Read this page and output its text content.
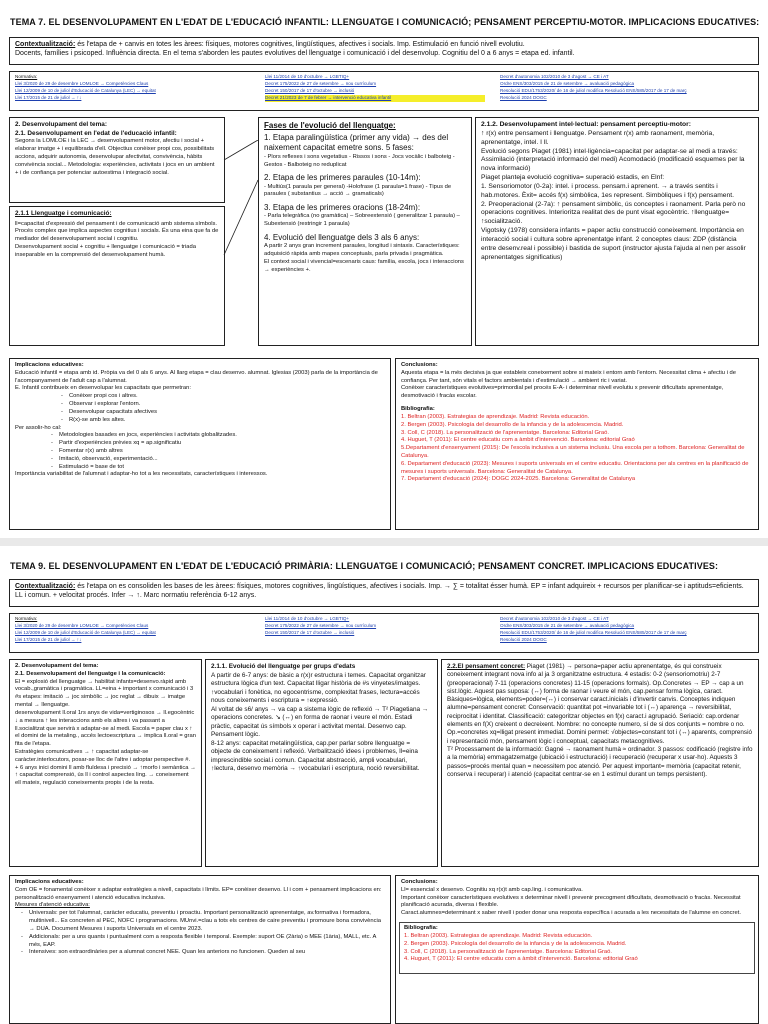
TEMA 7. EL DESENVOLUPAMENT EN L'EDAT DE L'EDUCACIÓ INFANTIL: LLENGUATGE I COMUNICACIÓ; PENSAMENT PERCEPTIU-MOTOR. IMPLICACIONS EDUCATIVES:
Contextualització: és l'etapa de + canvis en totes les àrees: físiques, motores cognitives, lingüístiques, afectives i socials. Imp. Estimulació en funció nivell evolutiu.
Docents, famílies i psicoped. Influència directa. En el tema s'aborden les pautes evolutives del llenguatge i comunicació i del desenvolup. Cognitiu del 0 a 6 anys = etapa ed. infantil.
Normativa:
Llei 3/2020 de 29 de desembre LOMLOE → Competències Claus
Llei 12/2009 de 10 de juliol d'Educació de Catalunya (LEC) → equitat
Llei 17/2015 de 21 de juliol → ↑↓
Llei 11/2014 de 10 d'octubre → LGBTIQ+
Decret 175/2022 de 27 de setembre → nou currículum
Decret 150/2017 de 17 d'octubre → inclusió
Decret 21/2023 de 7 de febrer → intervenció educativa infantil
Decret d'autonomia 102/2010 de 3 d'agost → CE i AT
Ordre ENS/303/2015 de 21 de setembre → avaluació pedagògica
Resolució EDU/1753/2020/ de 16 de juliol modifica Resolució ENS/585/2017 de 17 de març
Resolució 2024 DOGC
2. Desenvolupament del tema:
2.1. Desenvolupament en l'edat de l'educació infantil:
Segons la LOMLOE i la LEC → desenvolupament motor, afectiu i social + elaborar imatge + i equilibrada d'ell. Objectius conèixer propi cos, possibilitats accions, adquirir autonomia, desenvolupar afectivitat, convivència, hàbits convivència social... Metodologia: experiències, activitats i jocs en un ambient + i de confiança per potenciar autoestima i integració social.
2.1.1 Llenguatge i comunicació:
ll=capacitat d'expressió del pensament i de comunicació amb sistema símbols. Procés complex que implica aspectes cognitius i socials. És una eina que fa de mediador del desenvolupament social i cognitiu.
Desenvolupament social + cognitiu + llenguatge i comunicació = triada inseparable en la comprensió del desenvolupament humà.
Fases de l'evolució del llenguatge:
1. Etapa paralingüística (primer any vida) → des del naixement capacitat emetre sons. 5 fases:
- Plors reflexes i sons vegetatius - Rissos i sons - Jocs vocàlic i balboteig - Gestos - Balboteig no reduplicat
2. Etapa de les primeres paraules (10-14m):
- Multiús(1 paraula per general) -Holofrase (1 paraula=1 frase) - Tipus de paraules ( substantius → acció → gramaticals)
3. Etapa de les primeres oracions (18-24m):
- Parla telegràfica (no gramàtica) – Sobreextensió ( generalitzar 1 paraula) – Subextensió (restringir 1 paraula)
4. Evolució del llenguatge dels 3 als 6 anys:
A partir 2 anys gran increment paraules, longitud i sintaxis. Característiques: adquisició ràpida amb mapes conceptuals, parla privada i pragmàtica.
El context social i vivencial=escenaris caus: família, escola, jocs i interaccions → experiències +.
2.1.2. Desenvolupament intel·lectual: pensament perceptiu-motor:
↑ r(x) entre pensament i llenguatge. Pensament r(x) amb raonament, memòria, aprenentatge, intel. I ll.
Evolució segons Piaget (1981) intel·ligència=capacitat per adaptar-se al medi a través:
Assimilació (interpretació informació del medi) Acomodació (modificació esquemes per la nova informació)
Piaget planteja evolució cognitiva= superació estadis, en Elnf:
1. Sensoriomotor (0-2a): intel. i process. pensam.i aprenent. → a través sentits i hab.motores. Èxit= accés f(x) simbòlica, 1es represent. Simbòliques i f(x) pensament.
2. Preoperacional (2-7a): ↑ pensament simbòlic, ús conceptes i raonament. Parla però no operacions cognitives. Interioritza realitat des de punt visat egocèntric. ↑llenguatge= ↑socialització.
Vigotsky (1978) considera infants = paper actiu construcció coneixement. Importància en interacció social i cultura sobre aprenentatge infant. 2 conceptes claus: ZDP (distància entre desenv.real i possible) i bastida de suport (instructor ajusta l'ajuda al nen per assolir aprenentatges significatius)
Implicacions educatives:
Educació infantil = etapa amb id. Pròpia va del 0 als 6 anys. Al llarg etapa = clau desenvo. alumnat. Iglesias (2003) parla de la importància de l'acompanyament de l'adult cap a l'alumnat.
E. Infantil contribueix en desenvolupar les capacitats que permetran:
- Conèixer propi cos i altres.
- Observar i explorar l'entorn.
- Desenvolupar capacitats afectives
- R(x)-se amb les altes.
Per assolir-ho cal:
- Metodologies basades en jocs, experiències i activitats globalitzades.
- Partir d'experiències prèvies xq = ap.significatiu
- Fomentar r(x) amb altres
- Imitació, observació, experimentació...
- Estimulació = base de tot
Importància variabilitat de l'alumnat i adaptar-ho tot a les necessitats, característiques i interessos.
Conclusions:
Aquesta etapa = la més decisiva ja que estableix coneixement sobre si mateix i entorn amb l'entorn. Necessitat clima + afectiu i de confiança. Per tant, són vitals el factors ambientals i d'estimulació → ambient ric i variat.
Conèixer característiques evolutives=primordial pel procés E-A- i determinar nivell evolutiu x prevenir dificultats aprenentatge, desmotivació i fracàs escolar.
Bibliografia:
1. Beltran (2003). Estrategias de aprendizaje. Madrid: Revista educación.
2. Bergen (2003). Psicología del desarrollo de la infancia y de la adolescencia. Madrid.
3. Coll, C (2018). La personalització de l'aprenentatge. Barcelona: Editorial Graó.
4. Huguet, T (2011): El centre educatiu com a àmbit d'intervenció. Barcelona: editorial Graó
5.Departament d'ensenyament (2015): De l'escola inclusiva a un sistema inclusiu. Una escola per a tothom. Barcelona: Generalitat de Catalunya.
6. Departament d'educació (2023): Mesures i suports universals en el centre educatiu. Orientacions per als centres en la planificació de mesures i suports universals. Barcelona: Generalitat de Catalunya.
7. Departament d'educació (2024): DOGC 2024-2025. Barcelona: Generalitat de Catalunya
TEMA 9. EL DESENVOLUPAMENT EN L'EDAT DE L'EDUCACIÓ PRIMÀRIA: LLENGUATGE I COMUNICACIÓ; PENSAMENT CONCRET. IMPLICACIONS EDUCATIVES:
Contextualització: és l'etapa on es consoliden les bases de les àrees: físiques, motores cognitives, lingüístiques, afectives i socials. Imp. → ∑ = totalitat ésser humà. EP = infant adquireix + recursos per planificar-se i aptituds=eficients. LL i comun. + velocitat procés. Infer → ↑. Marc normatiu referència 6-12 anys.
Normativa:
Llei 3/2020 de 29 de desembre LOMLOE → Competències Claus
Llei 12/2009 de 10 de juliol d'Educació de Catalunya (LEC) → equitat
Llei 17/2015 de 21 de juliol → ↑↓
Llei 11/2014 de 10 d'octubre → LGBTIQ+
Decret 175/2022 de 27 de setembre → nou currículum
Decret 150/2017 de 17 d'octubre → inclusió
Decret d'autonomia 102/2010 de 3 d'agost → CE i AT
Ordre ENS/303/2015 de 21 de setembre → avaluació pedagògica
Resolució EDU/1753/2020/ de 16 de juliol modifica Resolució ENS/585/2017 de 17 de març
Resolució 2024 DOGC
2. Desenvolupament del tema:
2.1. Desenvolupament del llenguatge i la comunicació:
El = explosió del llenguatge → habilitat infants=desenvo.ràpid amb vocab.,gramàtica i pragmàtica. LL=eina + important x comunicació i 3 #s etapes: imitació → joc simbòlic → joc reglat → dibuix → imatge mental → llenguatge.
desenvolupament ll.oral 1rs anys de vida=vertiginosos → ll.egocèntric ↓ a mesura ↑ les interaccions amb els altres i va passant a ll.socialitzat que servirà x adaptar-se al medi. Escola = paper clau x ↑ el domini de la metaling., accés lectoescriptura → implica ll.oral = gran fita de l'etapa.
Estratègies comunicatives → ↑ capacitat adaptar-se caràcter.interlocutors, posar-se lloc de l'altre i adoptar perspective #.
+ 6 anys inici domini ll amb fluïdesa i precisió → ↑morfo i semàntica → ↑ capacitat comprensió, ús ll i control aspectes ling. → coneixement ell mateix, regulació coneixements propis i de la resta.
2.1.1. Evolució del llenguatge per grups d'edats
A partir de 6-7 anys: de bàsic a r(x)r estructura i temes. Capacitat organitzar estructura lògica d'un text. Capacitat lligar història de #s vinyetes/imatges. ↑vocabulari i fonètica, no egocentrisme, complexitat frases, lectura=accés nous coneixements i escriptura = ↑expressió.
Al voltat de s6/ anys → va cap a sistema lògic de reflexió → T² Piagetiana → operacions concretes. ↘ (↔) en forma de raonar i veure el món. Estadi pràctic, capacitat ús símbols x operar i activitat mental. Desenvo cap. Pensament lògic.
8-12 anys: capacitat metalingüística, cap.per parlar sobre llenguatge = objecte de coneixement i reflexió. Verbalització idees i problemes, ll=eina imprescindible social.i comun. Capacitat abstracció, ampli vocabulari, ↑lectura, desenvo memòria → ↑vocabulari i escriptura, noció reversibilitat.
2.2.El pensament concret: Piaget (1981) → persona=paper actiu aprenentatge, és qui construeix coneixement integrant nova info al ja 3 organitzatne estructura. 4 estadis: 0-2 (sensoriomotriu) 2-7 (preoperacional) 7-11 (operacions concretes) 11-15 (operacions formals). Op.Concretes → EP → cap a un sist.lògic. Aquest pas suposa: (↔) forma de raonar i veure el món, cap.pensar forma lògica, caract. Bàsiques=lògica, elements=poder=(↔) i conservar caract.inicials i d'invertir canvis. Conceptes indiquen alumne=pensament concret: Conservació: quantitat pot =invariable tot i (↔) aparença → reversibilitat, reciprocitat i identitat. Classificació: categoritzar objectes en f(x) caract.i agrupació. Seriació: cap.ordenar elements en f(X) creixent o decreixent. Nombre: no concepte numero, sí de si dos conjunts = nombre o no. Op.=concretes xq=lligat present immediat. Domini permet: √objectes=constant tot i (↔) aparents, comprensió i representació món, pensament lògic i conceptual, capacitats metacognitives.
T² Processament de la informació: Gagné → raonament humà ≈ ordinador. 3 passos: codificació (registre info a la memòria) emmagatzematge (ubicació i estructuració) i recuperació (recuperar x usar-ho). Aquests 3 passos=procés mental quan = necessitem poc atenció. Per aquest important= memòria (capacitat retenir, conserva i recuperar) i atenció (capacitat centrar-se en 1 estímul durant un temps persistent).
Implicacions educatives:
Com OE = fonamental conèixer x adaptar estratègies a nivell, capacitats i límits. EP= conèixer desenvo. Ll i com + pensament implicacions en: personalització ensenyament i atenció educativa inclusiva.
Mesures d'atenció educativa:
- Universals: per tot l'alumnat, caràcter educatiu, preventiu i proactiu. Important personalització aprenentatge, av.formativa i formadora, multinivell... Es concreten al PEC, NOFC i programacions. MUnvi.=clau a tots els centres de caire preventiu i promoure bona convivència → DUA. Document Mesures i suports Universals en el centre 2023.
- Addicionals: per a uns quants i puntualment com a resposta flexible i temporal. Exemple: suport OE (2ària) o MEE (1ària), MALL, etc. A més, EAP.
- Intensives: son extraordinàries per a alumnat concret NEE. Quan les anteriors no funcionen. Queden al seu
Conclusions:
Ll= essencial x desenvo. Cognitiu xq r(x)t amb cap.ling. i comunicativa.
Important conèixer característiques evolutives x determinar nivell i prevenir precogment dificultats, desmotivació o fracàs. Necessitat planificació acurada, diversa i flexible.
Caract.alumnes=determinant x saber nivell i poder donar una resposta específica i acurada a les necessitats de l'alumne en concret.
Bibliografia:
1. Beltran (2003). Estrategias de aprendizaje. Madrid: Revista educación.
2. Bergen (2003). Psicología del desarrollo de la infancia y de la adolescencia. Madrid.
3. Coll, C (2018). La personalització de l'aprenentatge. Barcelona: Editorial Graó.
4. Huguet, T (2011): El centre educatiu com a àmbit d'intervenció. Barcelona: editorial Graó
